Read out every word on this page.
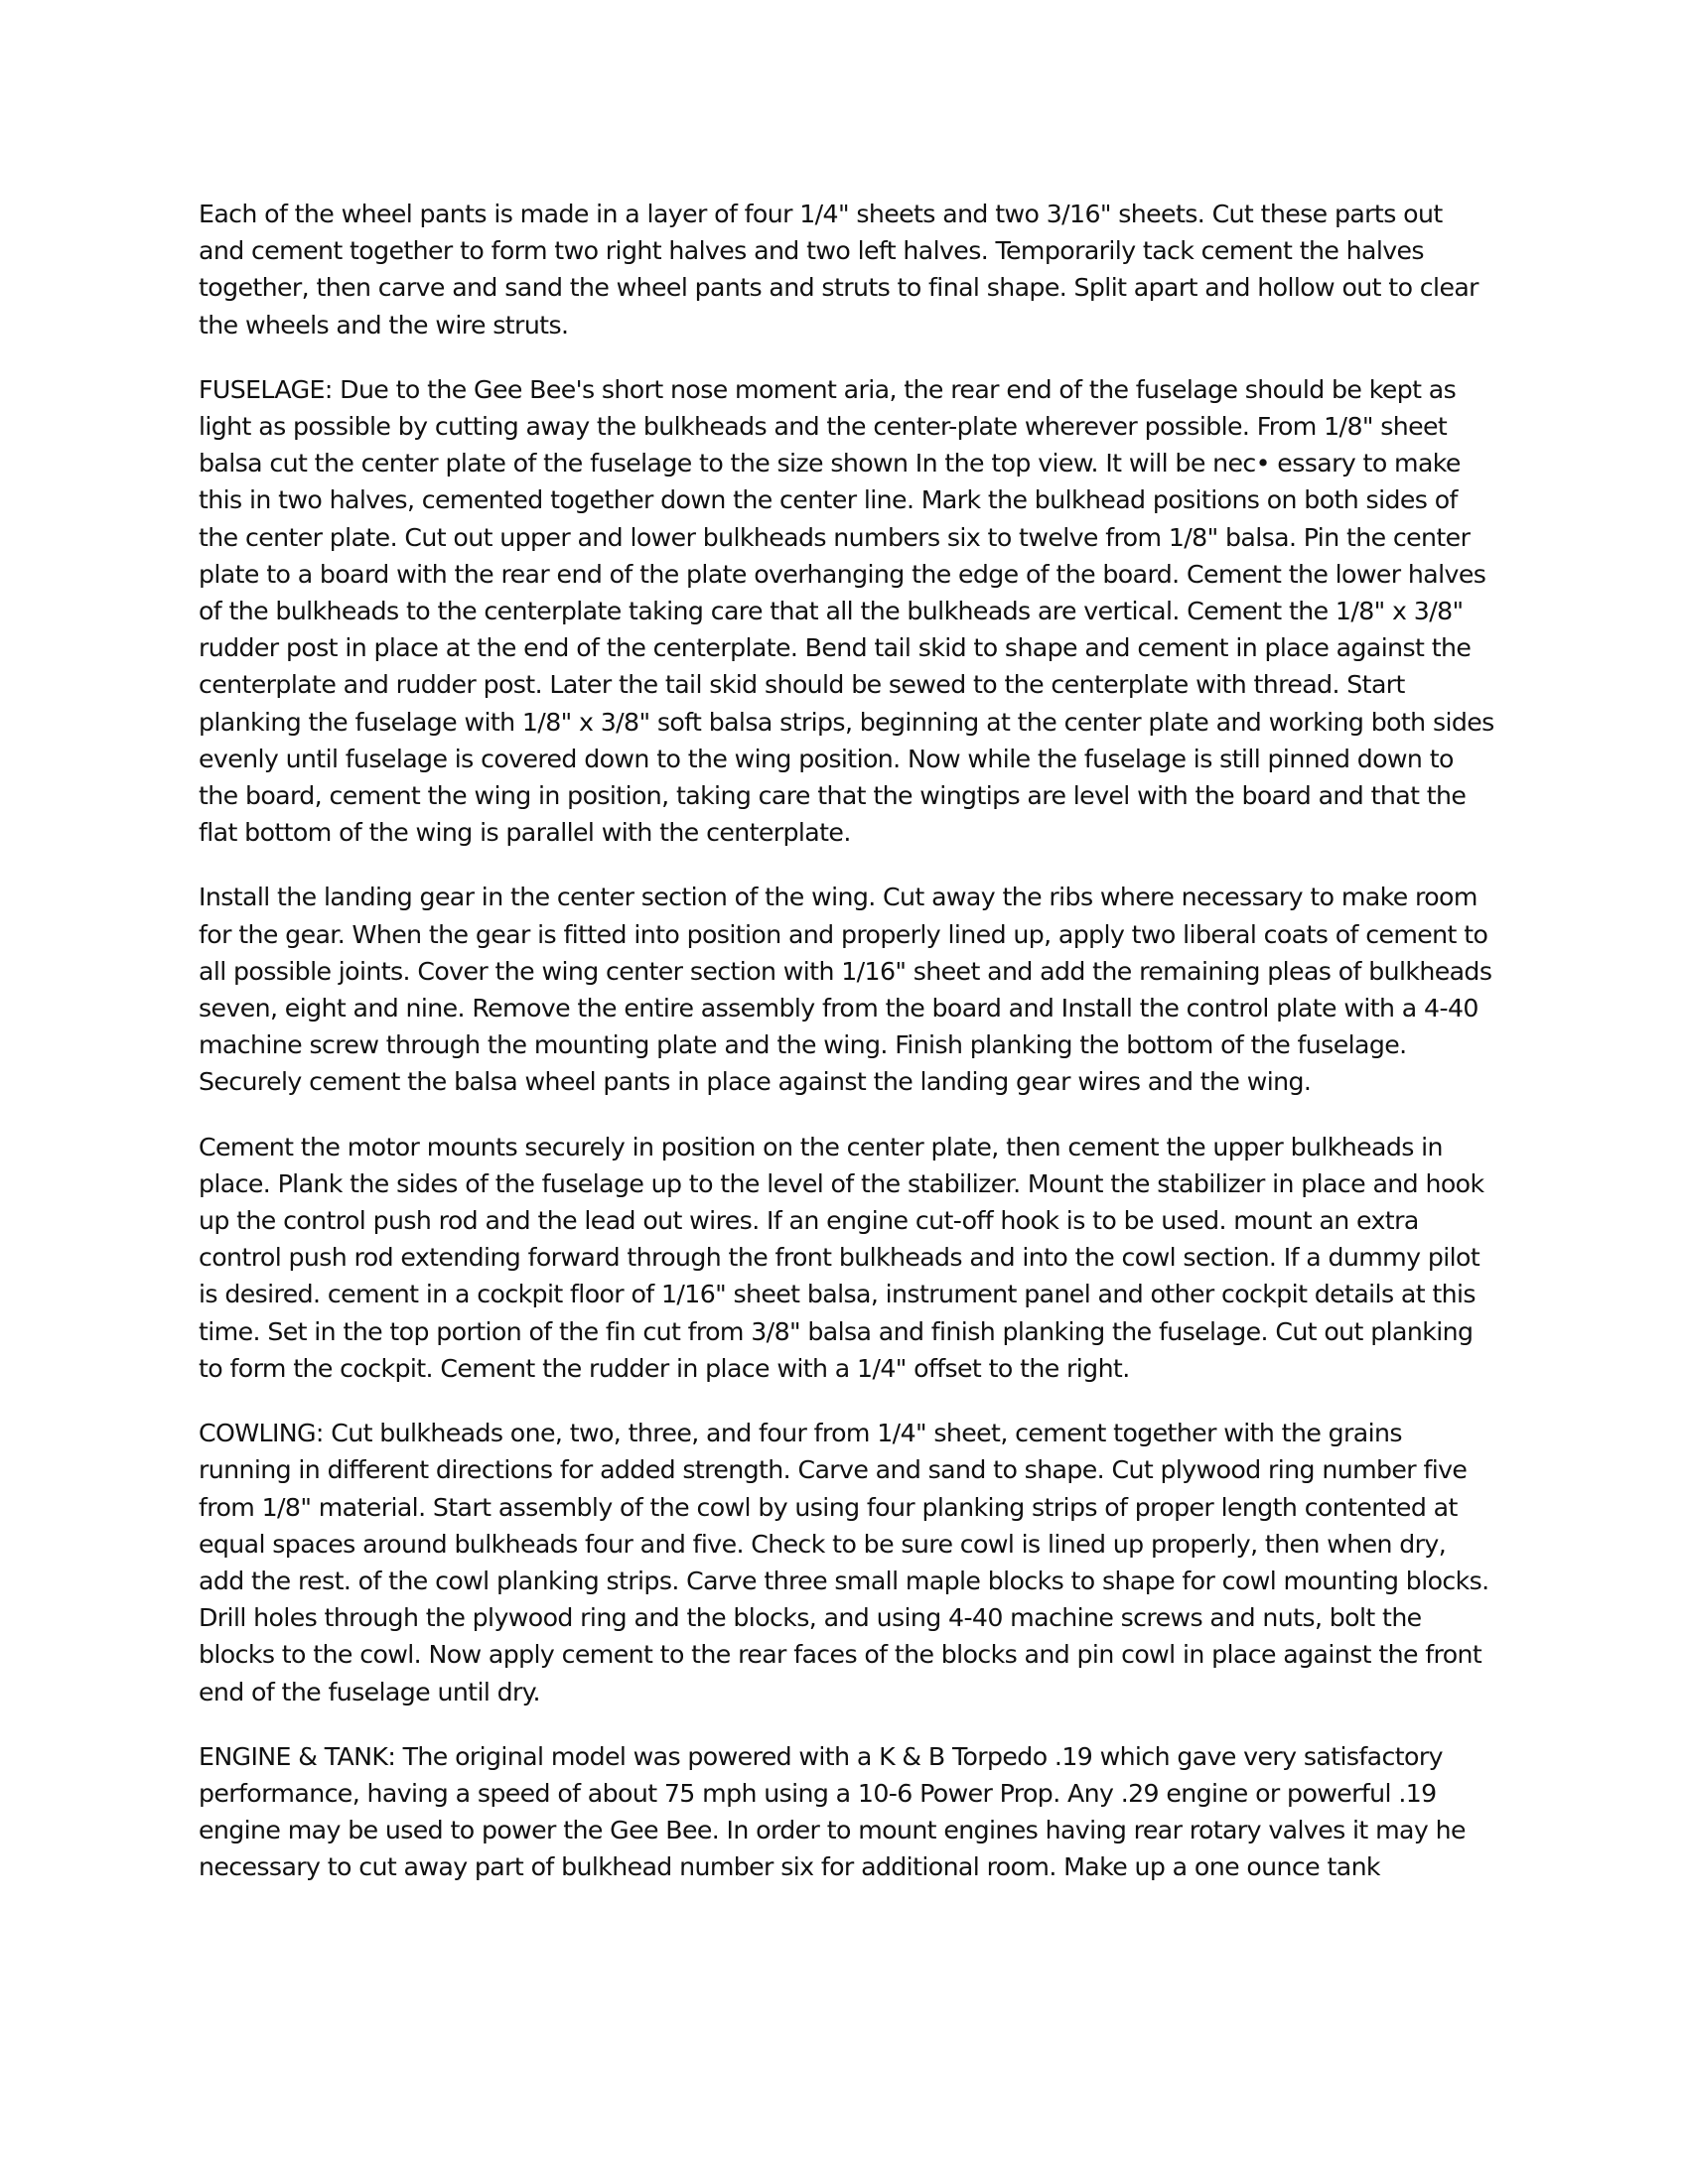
Each of the wheel pants is made in a layer of four 1/4" sheets and two 3/16" sheets. Cut these parts out and cement together to form two right halves and two left halves. Temporarily tack cement the halves together, then carve and sand the wheel pants and struts to final shape. Split apart and hollow out to clear the wheels and the wire struts.

FUSELAGE: Due to the Gee Bee's short nose moment aria, the rear end of the fuselage should be kept as light as possible by cutting away the bulkheads and the center-plate wherever possible. From 1/8" sheet balsa cut the center plate of the fuselage to the size shown In the top view. It will be nec• essary to make this in two halves, cemented together down the center line. Mark the bulkhead positions on both sides of the center plate. Cut out upper and lower bulkheads numbers six to twelve from 1/8" balsa. Pin the center plate to a board with the rear end of the plate overhanging the edge of the board. Cement the lower halves of the bulkheads to the centerplate taking care that all the bulkheads are vertical. Cement the 1/8" x 3/8" rudder post in place at the end of the centerplate. Bend tail skid to shape and cement in place against the centerplate and rudder post. Later the tail skid should be sewed to the centerplate with thread. Start planking the fuselage with 1/8" x 3/8" soft balsa strips, beginning at the center plate and working both sides evenly until fuselage is covered down to the wing position. Now while the fuselage is still pinned down to the board, cement the wing in position, taking care that the wingtips are level with the board and that the flat bottom of the wing is parallel with the centerplate.

Install the landing gear in the center section of the wing. Cut away the ribs where necessary to make room for the gear. When the gear is fitted into position and properly lined up, apply two liberal coats of cement to all possible joints. Cover the wing center section with 1/16" sheet and add the remaining pleas of bulkheads seven, eight and nine. Remove the entire assembly from the board and Install the control plate with a 4-40 machine screw through the mounting plate and the wing. Finish planking the bottom of the fuselage. Securely cement the balsa wheel pants in place against the landing gear wires and the wing.

Cement the motor mounts securely in position on the center plate, then cement the upper bulkheads in place. Plank the sides of the fuselage up to the level of the stabilizer. Mount the stabilizer in place and hook up the control push rod and the lead out wires. If an engine cut-off hook is to be used. mount an extra control push rod extending forward through the front bulkheads and into the cowl section. If a dummy pilot is desired. cement in a cockpit floor of 1/16" sheet balsa, instrument panel and other cockpit details at this time. Set in the top portion of the fin cut from 3/8" balsa and finish planking the fuselage. Cut out planking to form the cockpit. Cement the rudder in place with a 1/4" offset to the right.

COWLING: Cut bulkheads one, two, three, and four from 1/4" sheet, cement together with the grains running in different directions for added strength. Carve and sand to shape. Cut plywood ring number five from 1/8" material. Start assembly of the cowl by using four planking strips of proper length contented at equal spaces around bulkheads four and five. Check to be sure cowl is lined up properly, then when dry, add the rest. of the cowl planking strips. Carve three small maple blocks to shape for cowl mounting blocks. Drill holes through the plywood ring and the blocks, and using 4-40 machine screws and nuts, bolt the blocks to the cowl. Now apply cement to the rear faces of the blocks and pin cowl in place against the front end of the fuselage until dry.

ENGINE & TANK: The original model was powered with a K & B Torpedo .19 which gave very satisfactory performance, having a speed of about 75 mph using a 10-6 Power Prop. Any .29 engine or powerful .19 engine may be used to power the Gee Bee. In order to mount engines having rear rotary valves it may he necessary to cut away part of bulkhead number six for additional room. Make up a one ounce tank
